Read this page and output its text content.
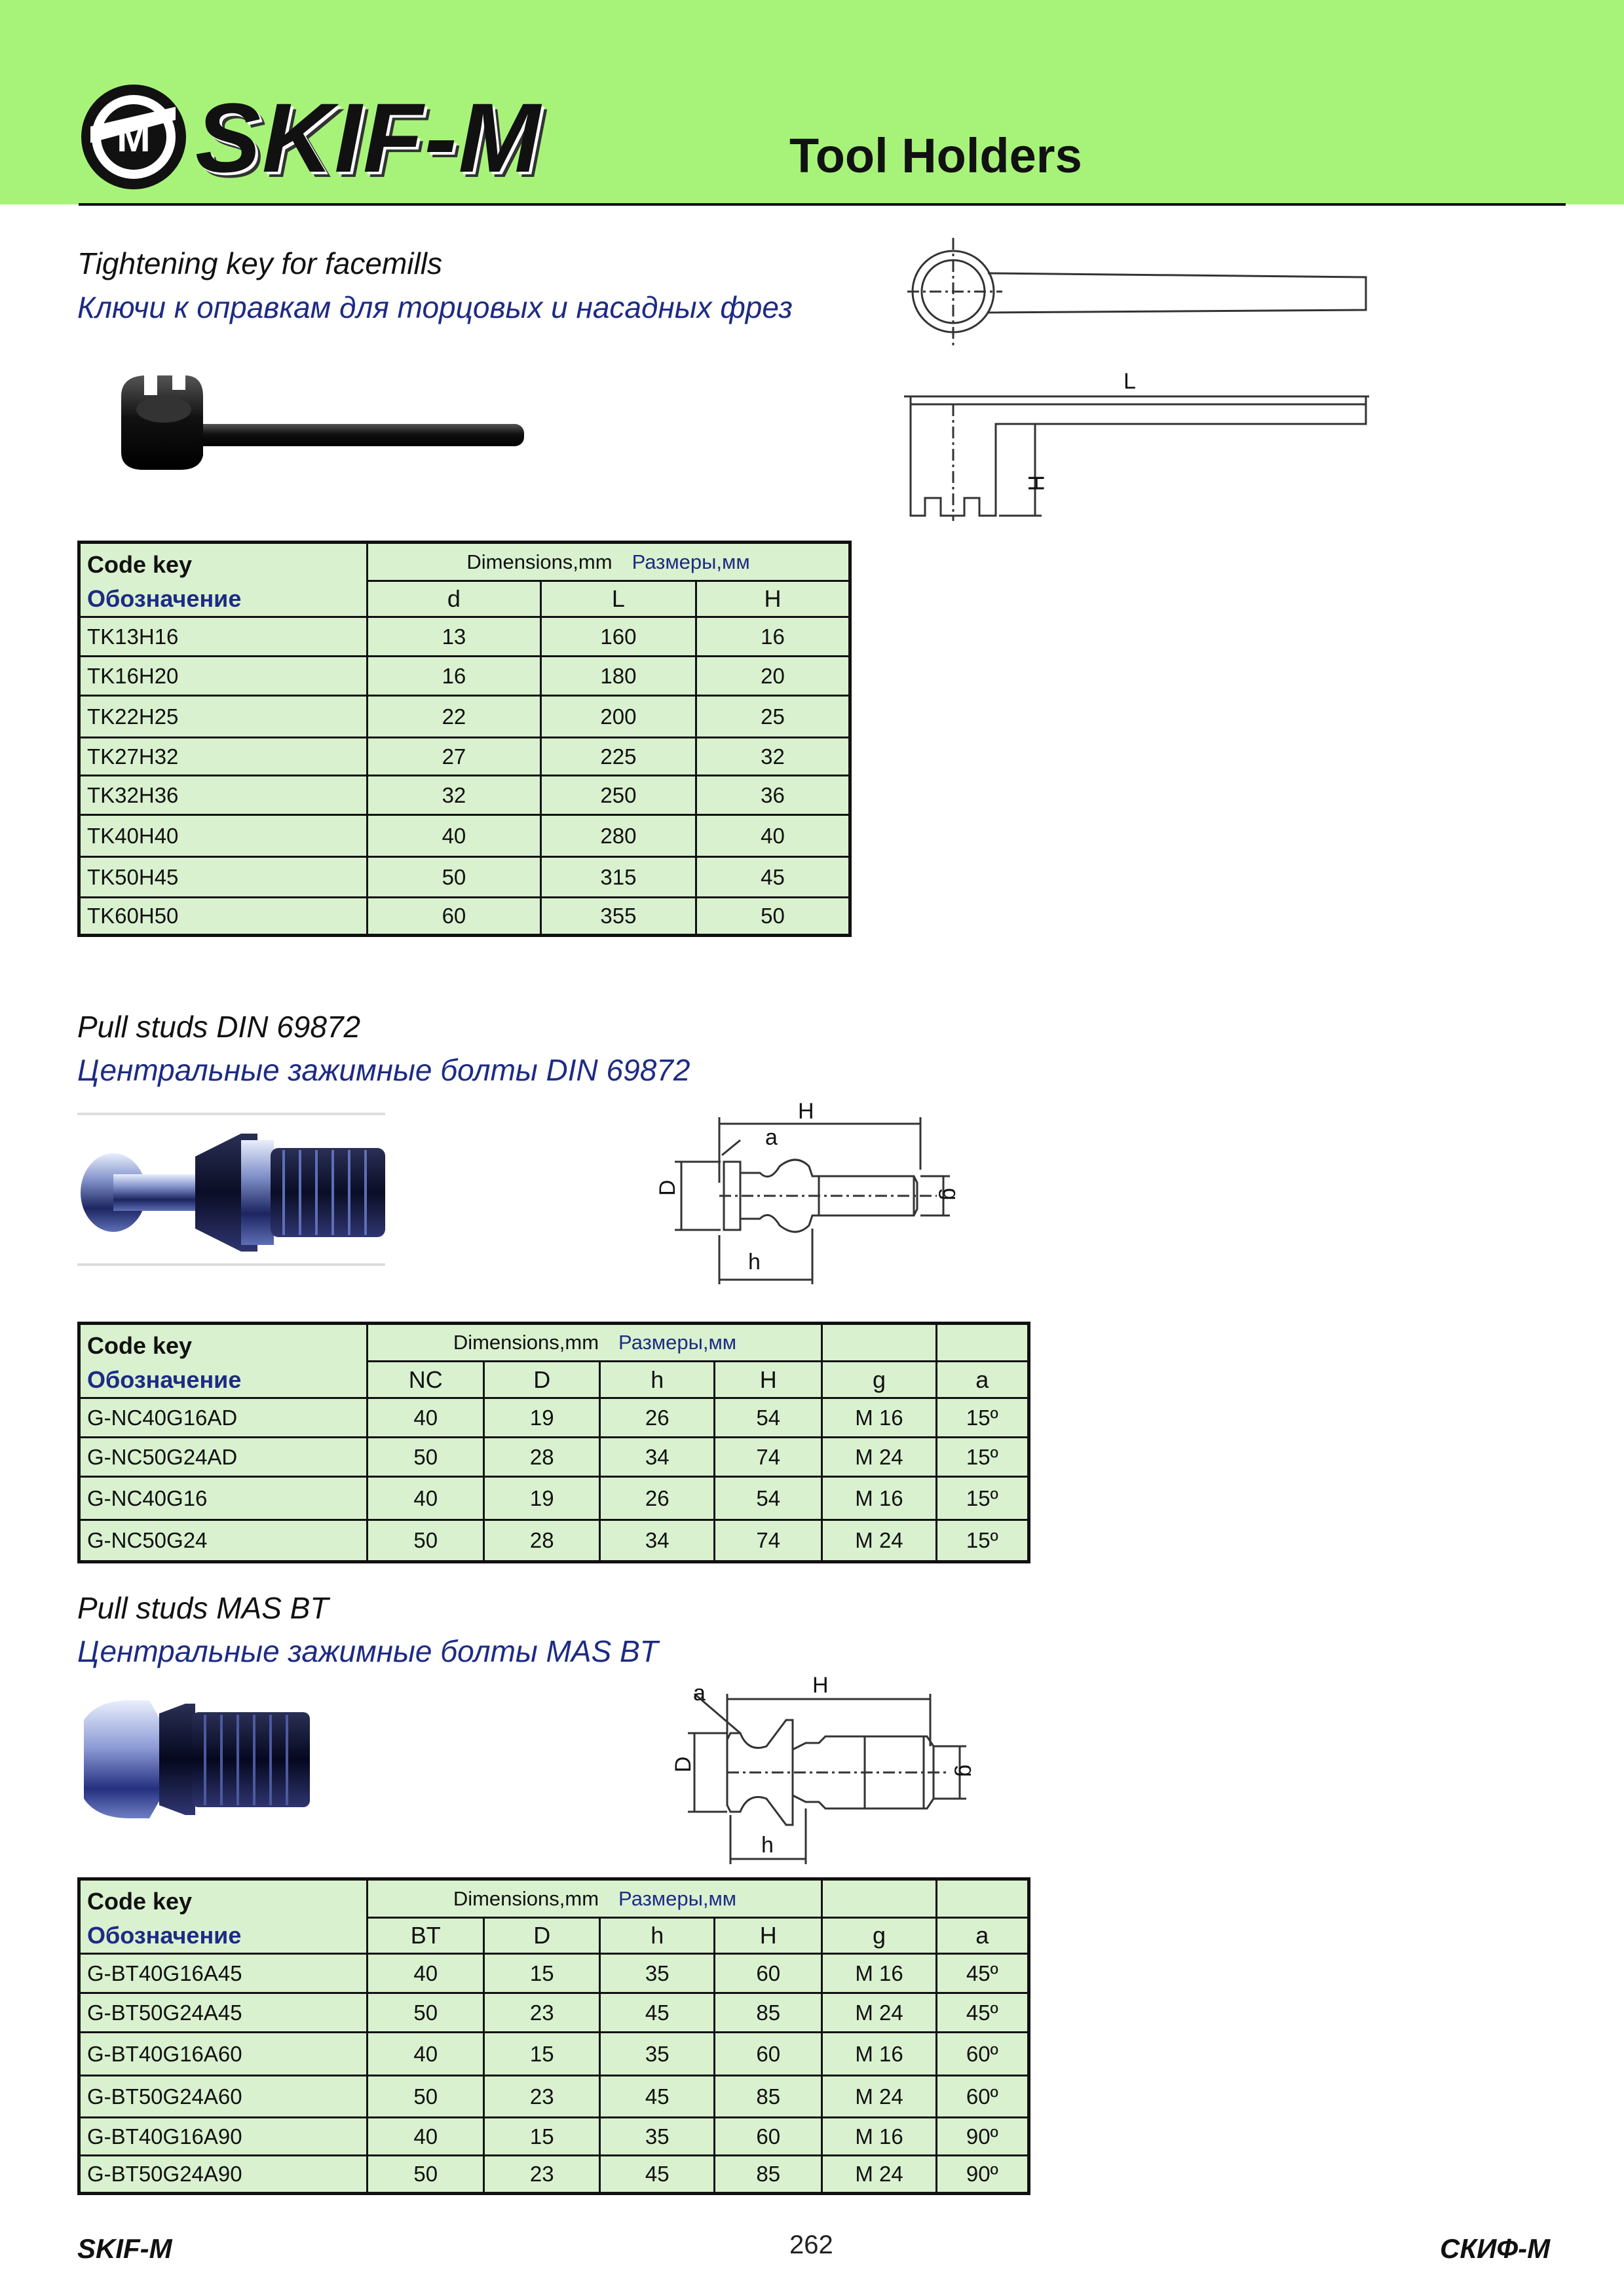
M SKIF-M	Tool Holders
Tightening key for facemills
Ключи к оправкам для торцовых и насадных фрез
L
H
Code key
Обозначение	Dimensions,mm Размеры,мм		
	d	L	H
TK13H16	13	160	16
TK16H20	16	180	20
TK22H25	22	200	25
TK27H32	27	225	32
TK32H36	32	250	36
TK40H40	40	280	40
TK50H45	50	315	45
TK60H50	60	355	50
Pull studs DIN 69872
Центральные зажимные болты DIN 69872
H
a
D	g
h
Code key
Обозначение	Dimensions,mm Размеры,мм					
	NC	D	h	H	g	a
G-NC40G16AD	40	19	26	54	M 16	15º
G-NC50G24AD	50	28	34	74	M 24	15º
G-NC40G16	40	19	26	54	M 16	15º
G-NC50G24	50	28	34	74	M 24	15º
Pull studs MAS BT
Центральные зажимные болты MAS BT
H
a
D	g
h
Code key
Обозначение	Dimensions,mm Размеры,мм					
	BT	D	h	H	g	a
G-BT40G16A45	40	15	35	60	M 16	45º
G-BT50G24A45	50	23	45	85	M 24	45º
G-BT40G16A60	40	15	35	60	M 16	60º
G-BT50G24A60	50	23	45	85	M 24	60º
G-BT40G16A90	40	15	35	60	M 16	90º
G-BT50G24A90	50	23	45	85	M 24	90º
SKIF-M	262	СКИФ-М
